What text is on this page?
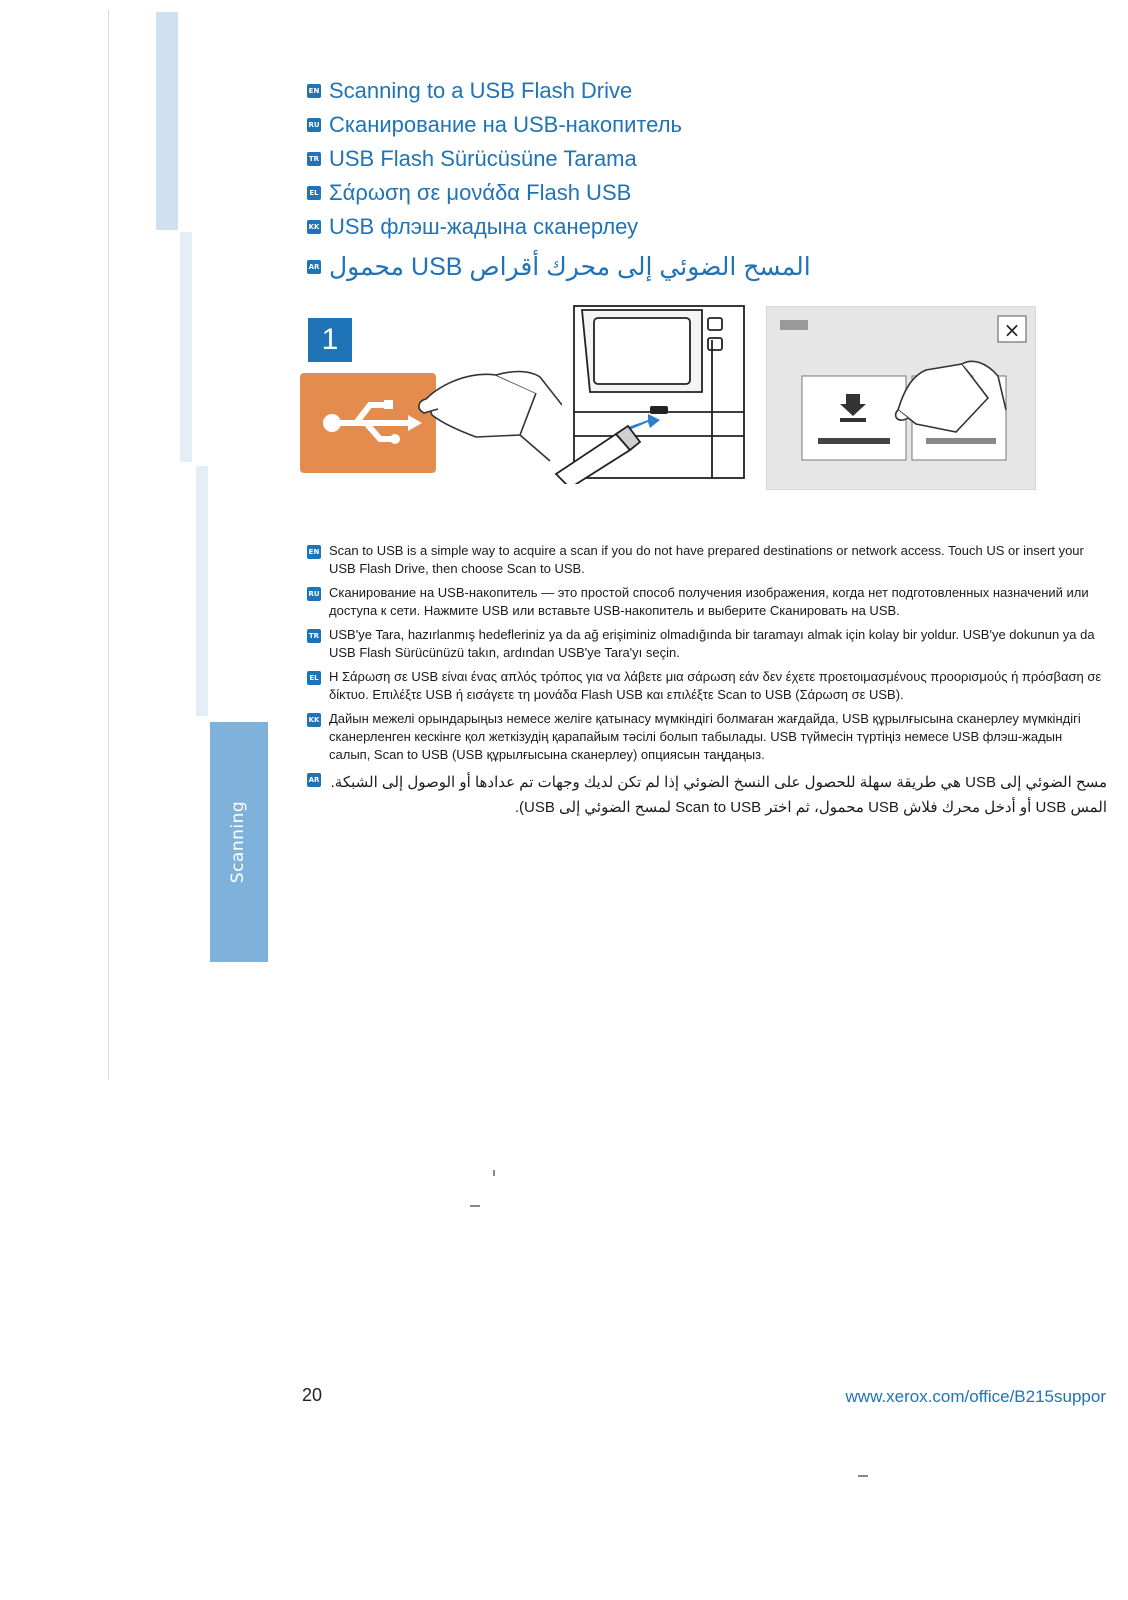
Scanning
EN Scanning to a USB Flash Drive
RU Сканирование на USB-накопитель
TR USB Flash Sürücüsüne Tarama
EL Σάρωση σε μονάδα Flash USB
KK USB флэш-жадына сканерлеу
AR المسح الضوئي إلى محرك أقراص USB محمول
1	×
EN Scan to USB is a simple way to acquire a scan if you do not have prepared destinations or network access. Touch US or insert your USB Flash Drive, then choose Scan to USB.
RU Сканирование на USB-накопитель — это простой способ получения изображения, когда нет подготовленных назначений или доступа к сети. Нажмите USB или вставьте USB-накопитель и выберите Сканировать на USB.
TR USB'ye Tara, hazırlanmış hedefleriniz ya da ağ erişiminiz olmadığında bir taramayı almak için kolay bir yoldur. USB'ye dokunun ya da USB Flash Sürücünüzü takın, ardından USB'ye Tara'yı seçin.
EL Η Σάρωση σε USB είναι ένας απλός τρόπος για να λάβετε μια σάρωση εάν δεν έχετε προετοιμασμένους προορισμούς ή πρόσβαση σε δίκτυο. Επιλέξτε USB ή εισάγετε τη μονάδα Flash USB και επιλέξτε Scan to USB (Σάρωση σε USB).
KK Дайын межелі орындарыңыз немесе желіге қатынасу мүмкіндігі болмаған жағдайда, USB құрылғысына сканерлеу мүмкіндігі сканерленген кескінге қол жеткізудің қарапайым тәсілі болып табылады. USB түймесін түртіңіз немесе USB флэш-жадын салып, Scan to USB (USB құрылғысына сканерлеу) опциясын таңдаңыз.
AR مسح الضوئي إلى USB هي طريقة سهلة للحصول على النسخ الضوئي إذا لم تكن لديك وجهات تم عدادها أو الوصول إلى الشبكة. المس USB أو أدخل محرك فلاش USB محمول، ثم اختر Scan to USB لمسح الضوئي إلى USB).
20	www.xerox.com/office/B215suppor
